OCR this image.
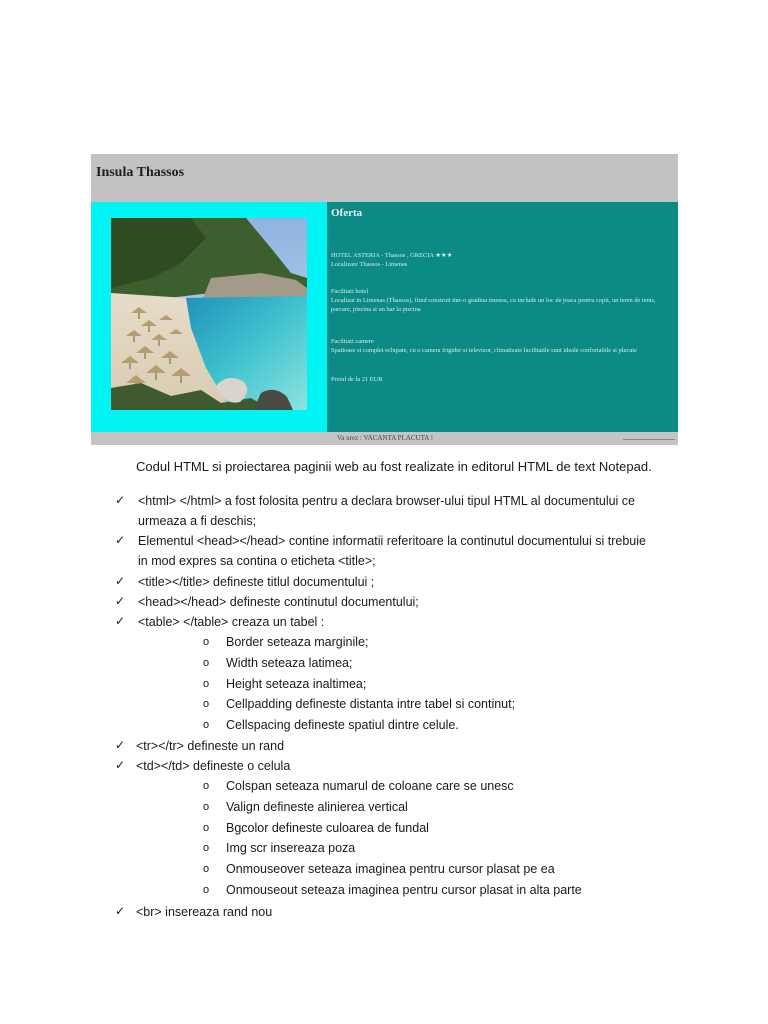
Insula Thassos
Oferta
HOTEL ASTERIA - Thassos , GRECIA ★★★
Localizare Thassos - Limenas
Facilitati hotel
Localizat in Limenas (Thassos), fiind construit intr-o gradina imensa, cu include un loc de joaca pentru copii, un teren de tenis, parcare, piscina si un bar la piscina
Facilitati camere
Spatioase si complet echipate, cu o camera frigider si televizor, climatizate facilitatile sunt ideale confortabile si placute
Pretul de la 21 EUR
Va urez : VACANTA PLACUTA !
Codul HTML si proiectarea paginii web au fost realizate in editorul HTML de text Notepad.
✓ <html> </html> a fost folosita pentru a declara browser-ului tipul HTML al documentului ce
urmeaza a fi deschis;
✓ Elementul <head></head> contine informatii referitoare la continutul documentului si trebuie
in mod expres sa contina o eticheta <title>;
✓ <title></title> defineste titlul documentului ;
✓ <head></head> defineste continutul documentului;
✓ <table> </table> creaza un tabel :
o Border seteaza marginile;
o Width seteaza latimea;
o Height seteaza inaltimea;
o Cellpadding defineste distanta intre tabel si continut;
o Cellspacing defineste spatiul dintre celule.
✓ <tr></tr> defineste un rand
✓ <td></td> defineste o celula
o Colspan seteaza numarul de coloane care se unesc
o Valign defineste alinierea vertical
o Bgcolor defineste culoarea de fundal
o Img scr insereaza poza
o Onmouseover seteaza imaginea pentru cursor plasat pe ea
o Onmouseout seteaza imaginea pentru cursor plasat in alta parte
✓ <br> insereaza rand nou
